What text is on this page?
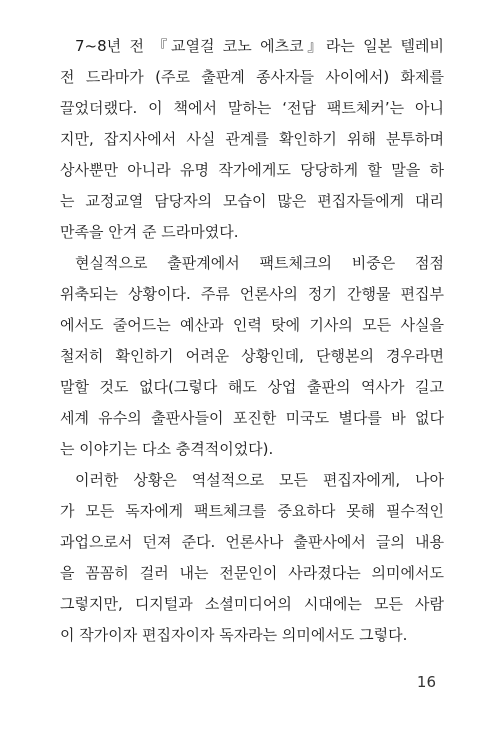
7~8년 전 『교열걸 코노 에츠코』라는 일본 텔레비
전 드라마가 (주로 출판계 종사자들 사이에서) 화제를
끌었더랬다. 이 책에서 말하는 ‘전담 팩트체커’는 아니
지만, 잡지사에서 사실 관계를 확인하기 위해 분투하며
상사뿐만 아니라 유명 작가에게도 당당하게 할 말을 하
는 교정교열 담당자의 모습이 많은 편집자들에게 대리
만족을 안겨 준 드라마였다.
현실적으로 출판계에서 팩트체크의 비중은 점점
위축되는 상황이다. 주류 언론사의 정기 간행물 편집부
에서도 줄어드는 예산과 인력 탓에 기사의 모든 사실을
철저히 확인하기 어려운 상황인데, 단행본의 경우라면
말할 것도 없다(그렇다 해도 상업 출판의 역사가 길고
세계 유수의 출판사들이 포진한 미국도 별다를 바 없다
는 이야기는 다소 충격적이었다).
이러한 상황은 역설적으로 모든 편집자에게, 나아
가 모든 독자에게 팩트체크를 중요하다 못해 필수적인
과업으로서 던져 준다. 언론사나 출판사에서 글의 내용
을 꼼꼼히 걸러 내는 전문인이 사라졌다는 의미에서도
그렇지만, 디지털과 소셜미디어의 시대에는 모든 사람
이 작가이자 편집자이자 독자라는 의미에서도 그렇다.
16
